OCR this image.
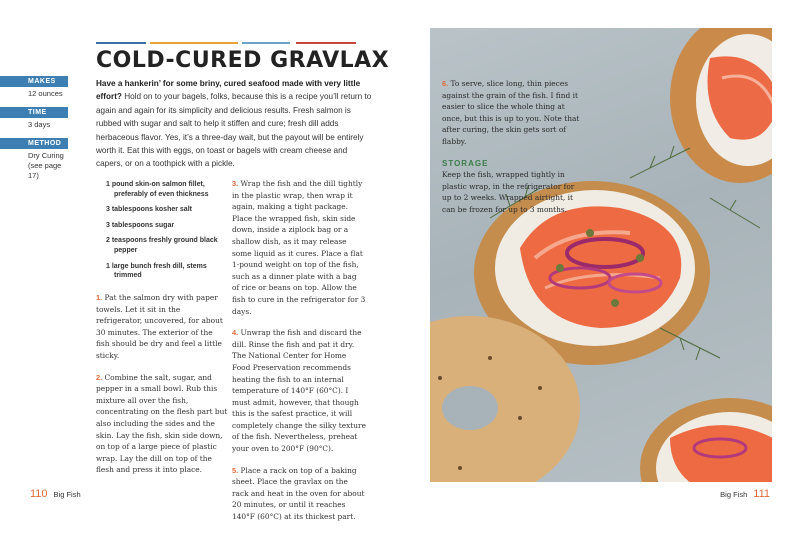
COLD-CURED GRAVLAX
MAKES
12 ounces
TIME
3 days
METHOD
Dry Curing (see page 17)
Have a hankerin’ for some briny, cured seafood made with very little effort? Hold on to your bagels, folks, because this is a recipe you’ll return to again and again for its simplicity and delicious results. Fresh salmon is rubbed with sugar and salt to help it stiffen and cure; fresh dill adds herbaceous flavor. Yes, it’s a three-day wait, but the payout will be entirely worth it. Eat this with eggs, on toast or bagels with cream cheese and capers, or on a toothpick with a pickle.
1 pound skin-on salmon fillet, preferably of even thickness
3 tablespoons kosher salt
3 tablespoons sugar
2 teaspoons freshly ground black pepper
1 large bunch fresh dill, stems trimmed
1. Pat the salmon dry with paper towels. Let it sit in the refrigerator, uncovered, for about 30 minutes. The exterior of the fish should be dry and feel a little sticky.
2. Combine the salt, sugar, and pepper in a small bowl. Rub this mixture all over the fish, concentrating on the flesh part but also including the sides and the skin. Lay the fish, skin side down, on top of a large piece of plastic wrap. Lay the dill on top of the flesh and press it into place.
3. Wrap the fish and the dill tightly in the plastic wrap, then wrap it again, making a tight package. Place the wrapped fish, skin side down, inside a ziplock bag or a shallow dish, as it may release some liquid as it cures. Place a flat 1-pound weight on top of the fish, such as a dinner plate with a bag of rice or beans on top. Allow the fish to cure in the refrigerator for 3 days.
4. Unwrap the fish and discard the dill. Rinse the fish and pat it dry. The National Center for Home Food Preservation recommends heating the fish to an internal temperature of 140°F (60°C). I must admit, however, that though this is the safest practice, it will completely change the silky texture of the fish. Nevertheless, preheat your oven to 200°F (90°C).
5. Place a rack on top of a baking sheet. Place the gravlax on the rack and heat in the oven for about 20 minutes, or until it reaches 140°F (60°C) at its thickest part.
110 Big Fish
6. To serve, slice long, thin pieces against the grain of the fish. I find it easier to slice the whole thing at once, but this is up to you. Note that after curing, the skin gets sort of flabby.
STORAGE
Keep the fish, wrapped tightly in plastic wrap, in the refrigerator for up to 2 weeks. Wrapped airtight, it can be frozen for up to 3 months.
Big Fish 111
